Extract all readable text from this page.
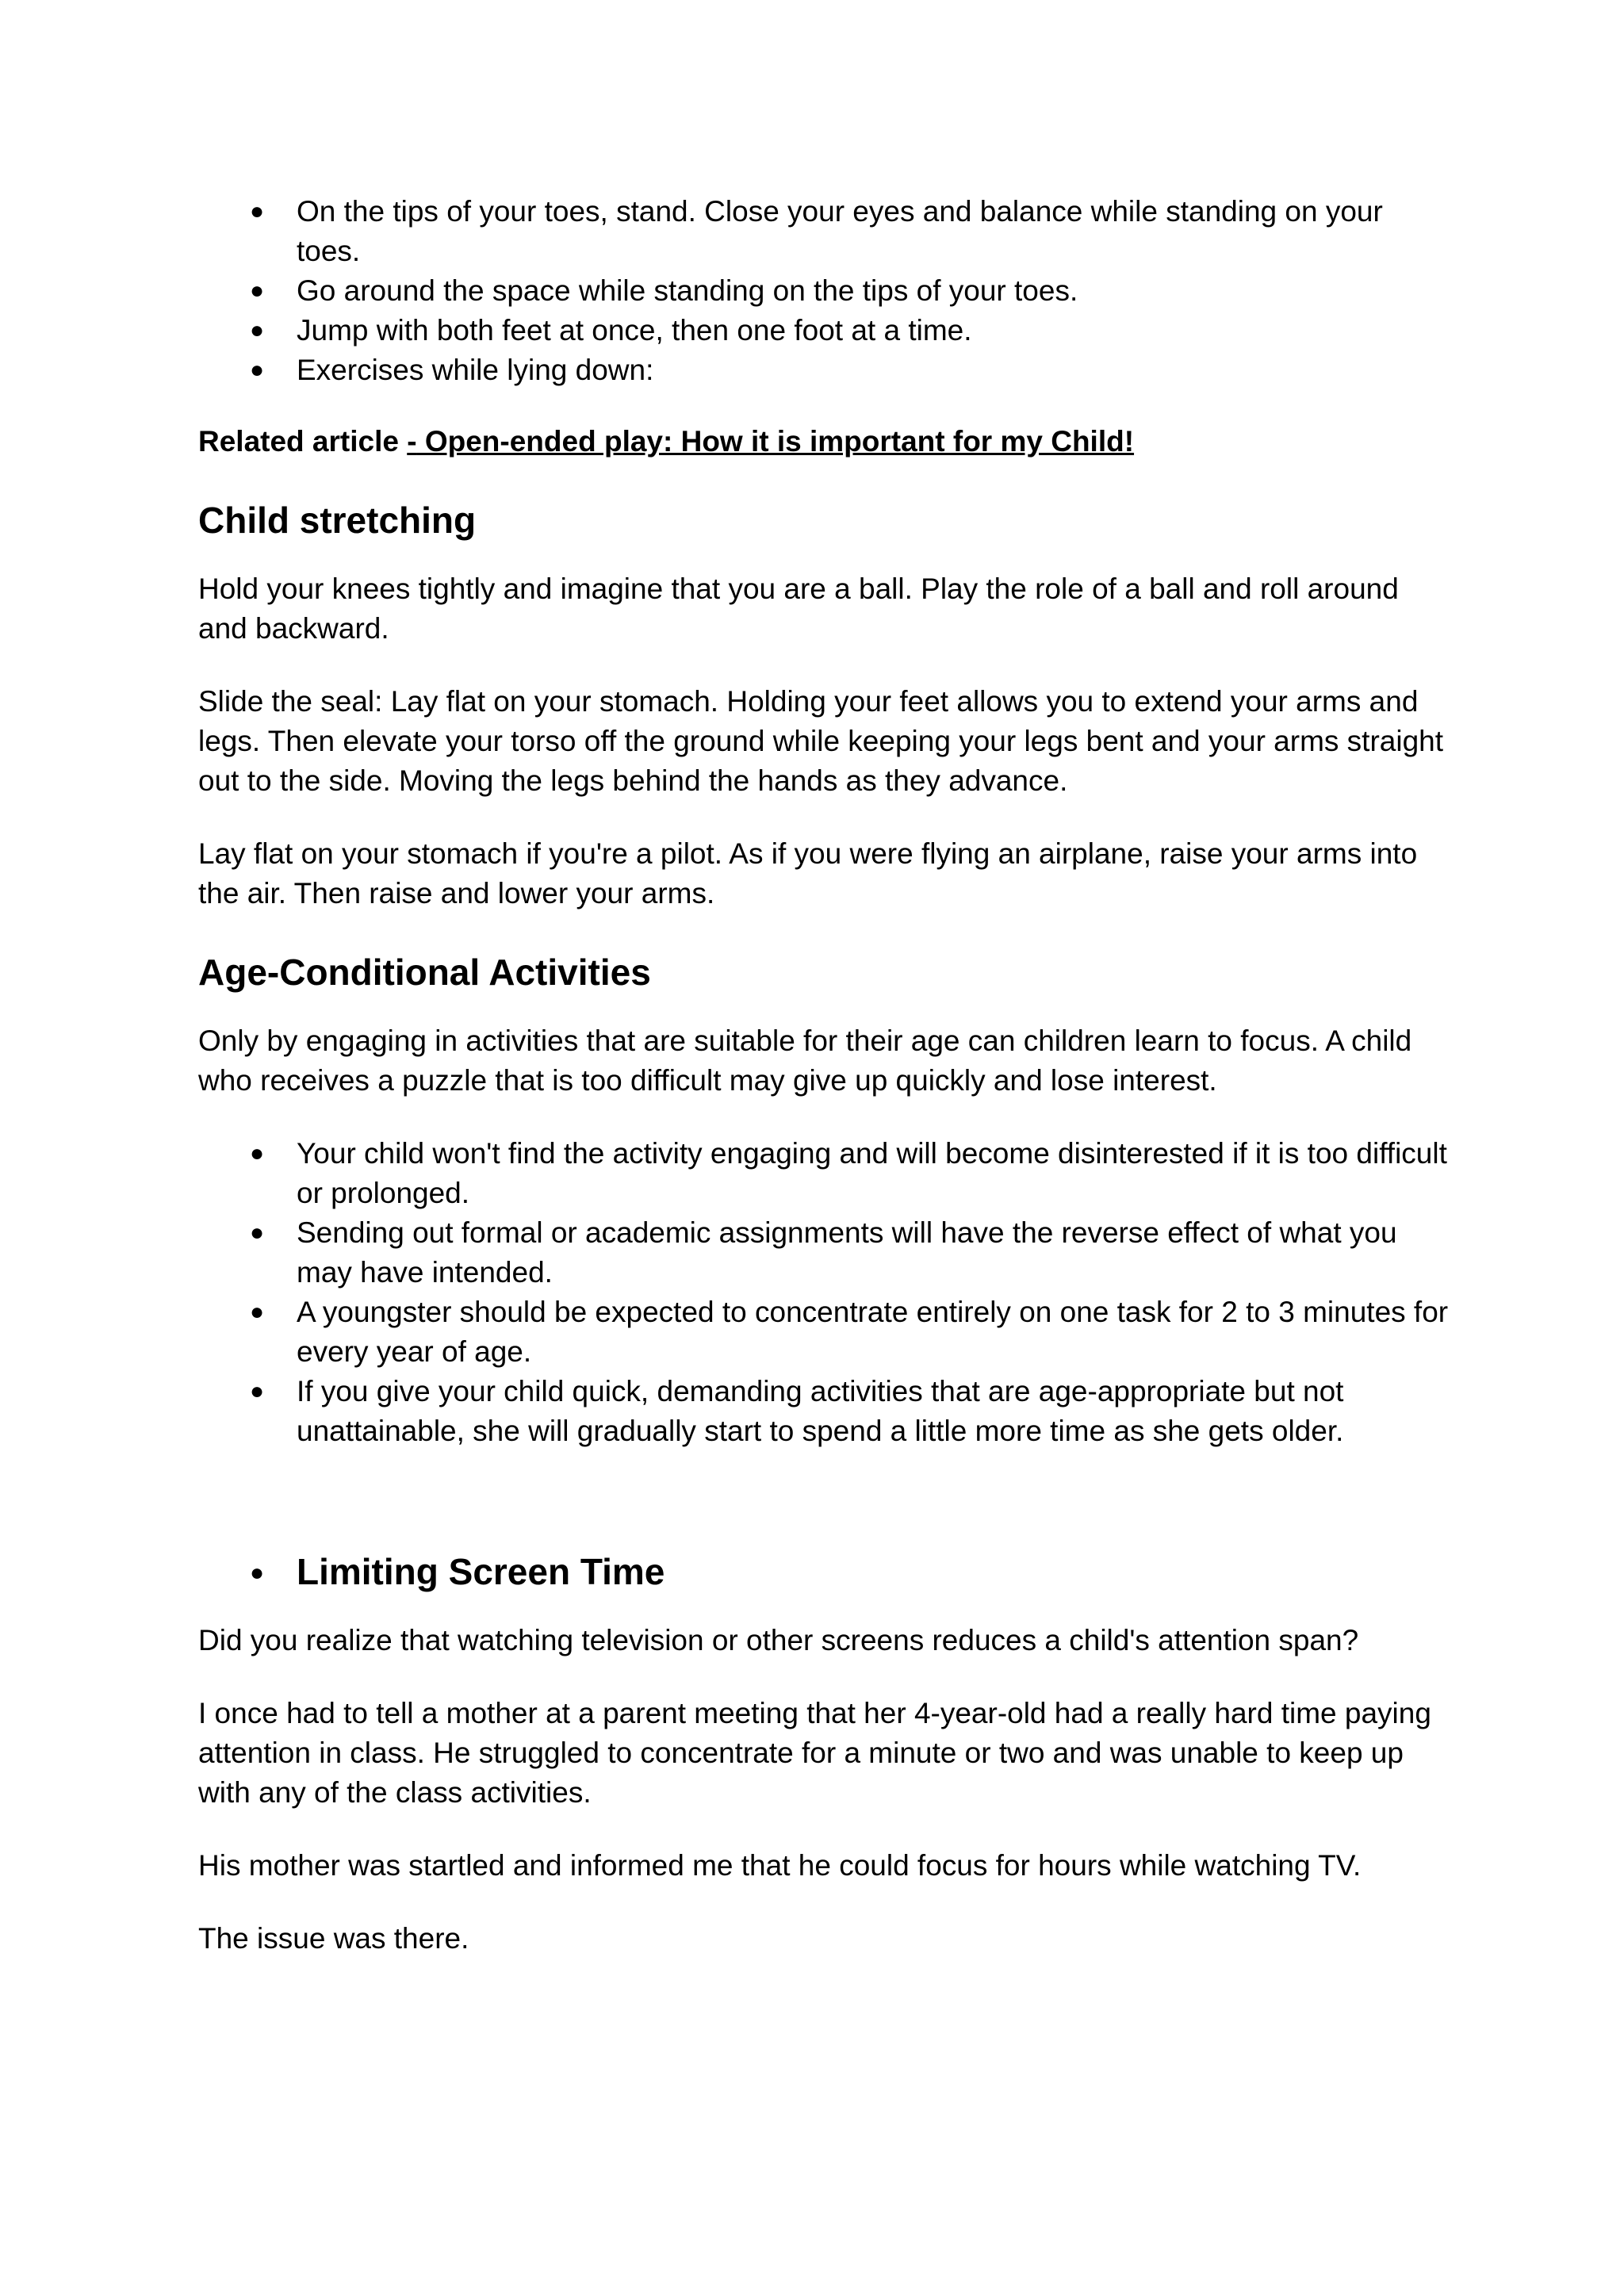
● On the tips of your toes, stand. Close your eyes and balance while standing on your toes.
● Go around the space while standing on the tips of your toes.
● Jump with both feet at once, then one foot at a time.
● Exercises while lying down:

Related article - Open-ended play: How it is important for my Child!

Child stretching

Hold your knees tightly and imagine that you are a ball. Play the role of a ball and roll around and backward.

Slide the seal: Lay flat on your stomach. Holding your feet allows you to extend your arms and legs. Then elevate your torso off the ground while keeping your legs bent and your arms straight out to the side. Moving the legs behind the hands as they advance.

Lay flat on your stomach if you're a pilot. As if you were flying an airplane, raise your arms into the air. Then raise and lower your arms.

Age-Conditional Activities

Only by engaging in activities that are suitable for their age can children learn to focus. A child who receives a puzzle that is too difficult may give up quickly and lose interest.

● Your child won't find the activity engaging and will become disinterested if it is too difficult or prolonged.
● Sending out formal or academic assignments will have the reverse effect of what you may have intended.
● A youngster should be expected to concentrate entirely on one task for 2 to 3 minutes for every year of age.
● If you give your child quick, demanding activities that are age-appropriate but not unattainable, she will gradually start to spend a little more time as she gets older.
● Limiting Screen Time

Did you realize that watching television or other screens reduces a child's attention span?

I once had to tell a mother at a parent meeting that her 4-year-old had a really hard time paying attention in class. He struggled to concentrate for a minute or two and was unable to keep up with any of the class activities.

His mother was startled and informed me that he could focus for hours while watching TV.

The issue was there.
